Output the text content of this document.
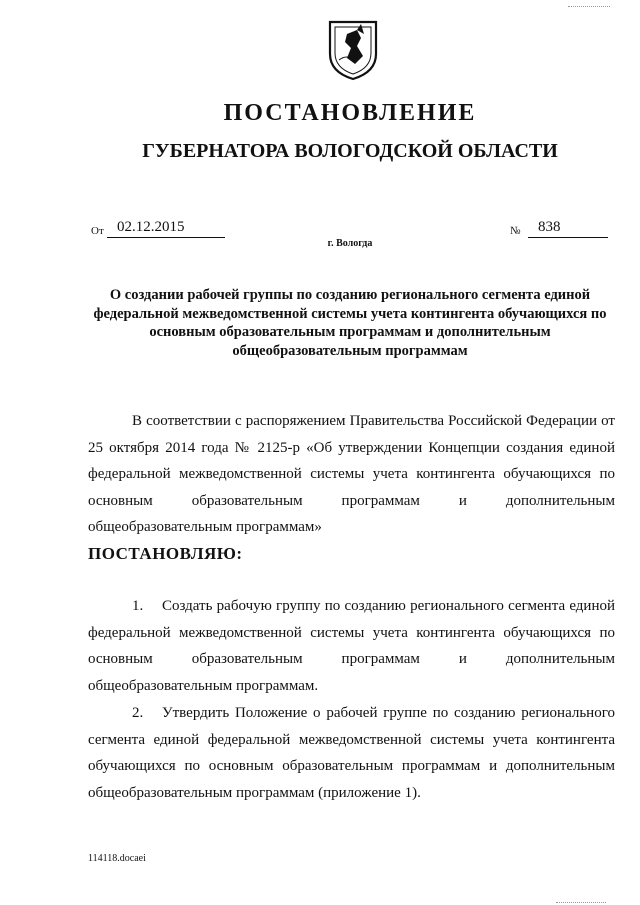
ПОСТАНОВЛЕНИЕ
ГУБЕРНАТОРА ВОЛОГОДСКОЙ ОБЛАСТИ
От 02.12.2015	№ 838
г. Вологда
О создании рабочей группы по созданию регионального сегмента единой федеральной межведомственной системы учета контингента обучающихся по основным образовательным программам и дополнительным общеобразовательным программам
В соответствии с распоряжением Правительства Российской Федерации от 25 октября 2014 года № 2125-р «Об утверждении Концепции создания единой федеральной межведомственной системы учета контингента обучающихся по основным образовательным программам и дополнительным общеобразовательным программам»
ПОСТАНОВЛЯЮ:
1. Создать рабочую группу по созданию регионального сегмента единой федеральной межведомственной системы учета контингента обучающихся по основным образовательным программам и дополнительным общеобразовательным программам.
2. Утвердить Положение о рабочей группе по созданию регионального сегмента единой федеральной межведомственной системы учета контингента обучающихся по основным образовательным программам и дополнительным общеобразовательным программам (приложение 1).
114118.docaei
